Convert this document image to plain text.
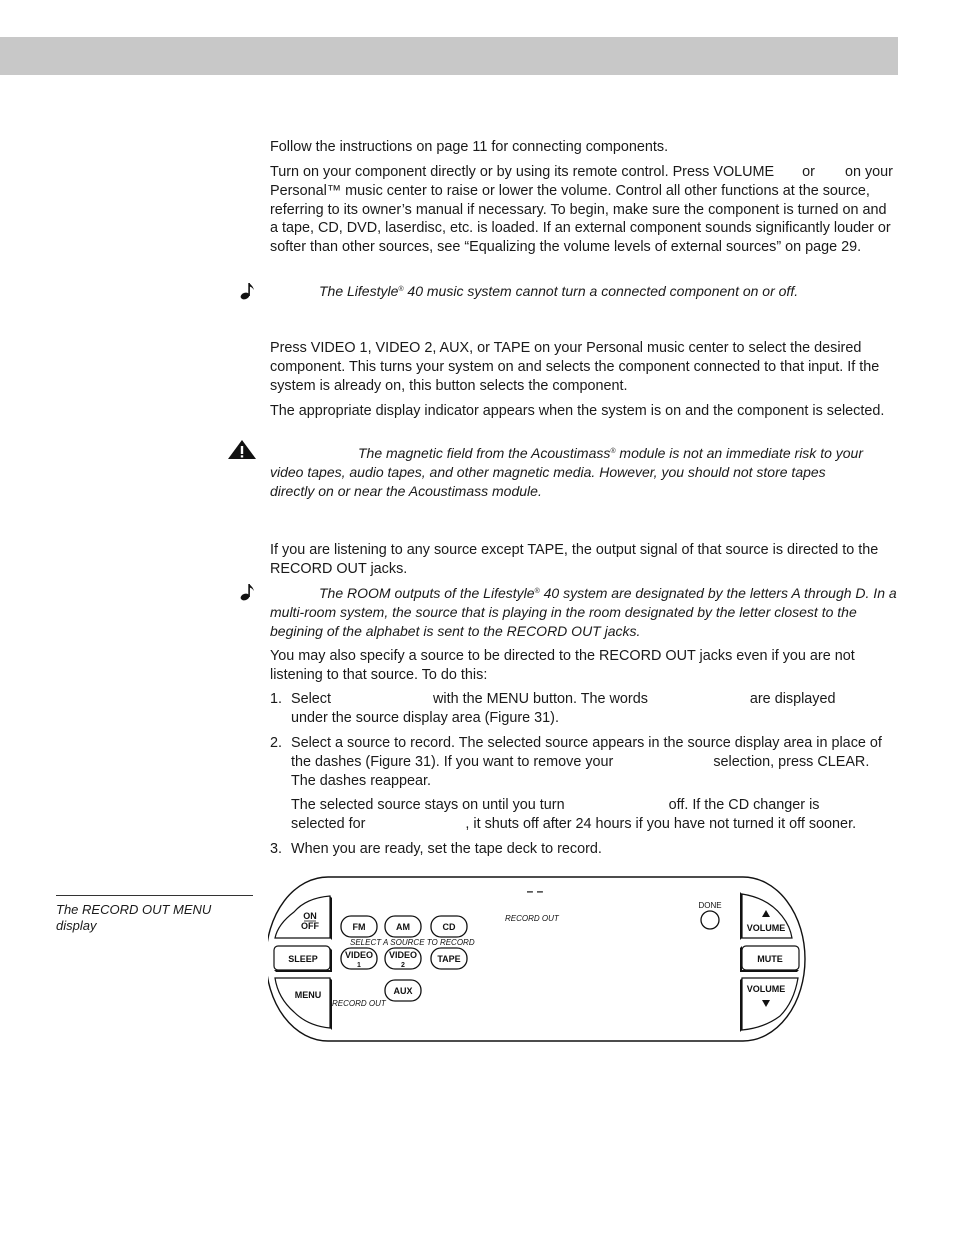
Follow the instructions on page 11 for connecting components.

Turn on your component directly or by using its remote control. Press VOLUME or on your Personal™ music center to raise or lower the volume. Control all other functions at the source, referring to its owner’s manual if necessary. To begin, make sure the component is turned on and a tape, CD, DVD, laserdisc, etc. is loaded. If an external component sounds significantly louder or softer than other sources, see “Equalizing the volume levels of external sources” on page 29.

The Lifestyle® 40 music system cannot turn a connected component on or off.

Press VIDEO 1, VIDEO 2, AUX, or TAPE on your Personal music center to select the desired component. This turns your system on and selects the component connected to that input. If the system is already on, this button selects the component.

The appropriate display indicator appears when the system is on and the component is selected.

The magnetic field from the Acoustimass® module is not an immediate risk to your video tapes, audio tapes, and other magnetic media. However, you should not store tapes directly on or near the Acoustimass module.

If you are listening to any source except TAPE, the output signal of that source is directed to the RECORD OUT jacks.

The ROOM outputs of the Lifestyle® 40 system are designated by the letters A through D. In a multi-room system, the source that is playing in the room designated by the letter closest to the begining of the alphabet is sent to the RECORD OUT jacks.

You may also specify a source to be directed to the RECORD OUT jacks even if you are not listening to that source. To do this:

1. Select	with the MENU button. The words	are displayed
under the source display area (Figure 31).
2. Select a source to record. The selected source appears in the source display area in place of the dashes (Figure 31). If you want to remove your	selection, press CLEAR. The dashes reappear.
The selected source stays on until you turn	off. If the CD changer is
selected for	, it shuts off after 24 hours if you have not turned it off sooner.
3. When you are ready, set the tape deck to record.
The RECORD OUT MENU display
ON
OFF
SLEEP
MENU
FM	AM	CD
SELECT A SOURCE TO RECORD
VIDEO
1
VIDEO
2
TAPE
AUX
RECORD OUT
– –
RECORD OUT
DONE
VOLUME
MUTE
VOLUME
